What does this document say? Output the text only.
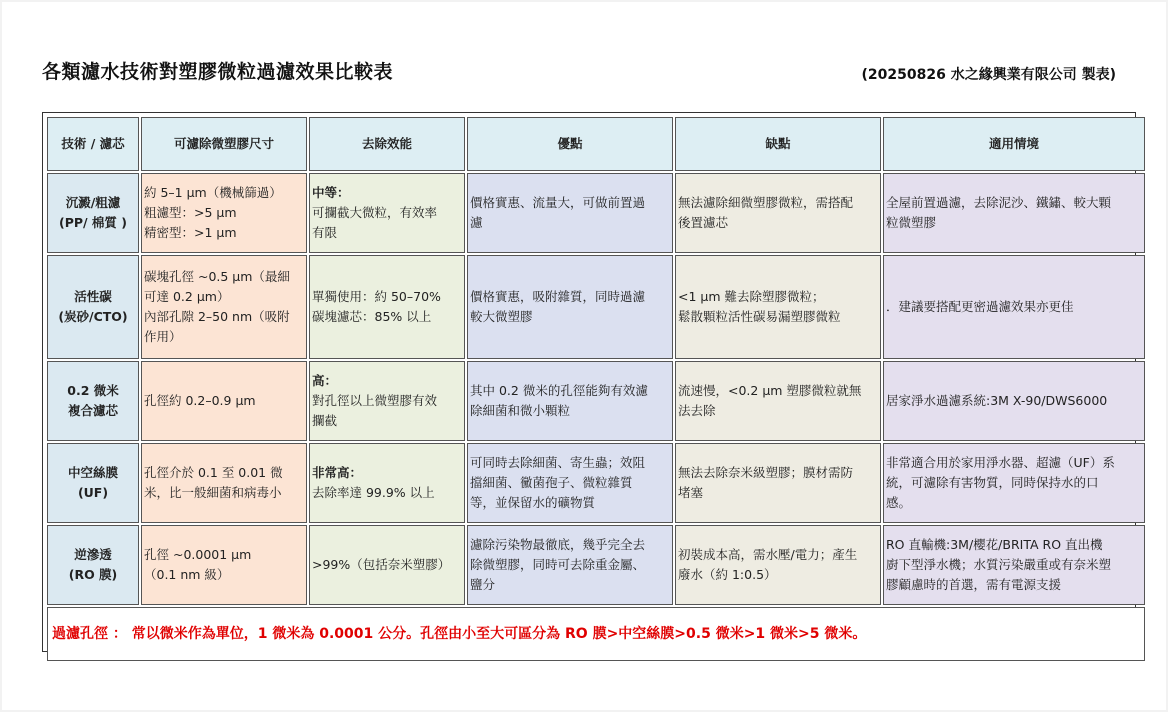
各類濾水技術對塑膠微粒過濾效果比較表	(20250826 水之緣興業有限公司 製表)
技術 / 濾芯	可濾除微塑膠尺寸	去除效能	優點	缺點	適用情境

沉澱/粗濾
(PP/ 棉質 )	約 5–1 μm（機械篩過）
粗濾型：>5 μm
精密型：>1 μm	中等：
可攔截大微粒，有效率
有限	價格實惠、流量大，可做前置過
濾	無法濾除細微塑膠微粒，需搭配
後置濾芯	全屋前置過濾，去除泥沙、鐵鏽、較大顆
粒微塑膠

活性碳
(炭砂/CTO)	碳塊孔徑 ~0.5 μm（最細
可達 0.2 μm）
內部孔隙 2–50 nm（吸附
作用）	單獨使用：約 50–70%
碳塊濾芯：85% 以上	價格實惠，吸附雜質，同時過濾
較大微塑膠	<1 μm 難去除塑膠微粒；
鬆散顆粒活性碳易漏塑膠微粒	．建議要搭配更密過濾效果亦更佳

0.2 微米
複合濾芯	孔徑約 0.2–0.9 μm	高：
對孔徑以上微塑膠有效
攔截	其中 0.2 微米的孔徑能夠有效濾
除細菌和微小顆粒	流速慢，<0.2 μm 塑膠微粒就無
法去除	居家淨水過濾系統:3M X-90/DWS6000

中空絲膜
(UF)	孔徑介於 0.1 至 0.01 微
米，比一般細菌和病毒小	非常高：
去除率達 99.9% 以上	可同時去除細菌、寄生蟲；效阻
擋細菌、黴菌孢子、微粒雜質
等，並保留水的礦物質	無法去除奈米級塑膠；膜材需防
堵塞	非常適合用於家用淨水器、超濾（UF）系
統，可濾除有害物質，同時保持水的口
感。

逆滲透
(RO 膜)	孔徑 ~0.0001 μm
（0.1 nm 級）	>99%（包括奈米塑膠）	濾除污染物最徹底，幾乎完全去
除微塑膠，同時可去除重金屬、
鹽分	初裝成本高，需水壓/電力；產生
廢水（約 1:0.5）	RO 直輸機:3M/櫻花/BRITA RO 直出機
廚下型淨水機；水質污染嚴重或有奈米塑
膠顧慮時的首選，需有電源支援

過濾孔徑 ： 常以微米作為單位，1 微米為 0.0001 公分。孔徑由小至大可區分為 RO 膜>中空絲膜>0.5 微米>1 微米>5 微米。					
